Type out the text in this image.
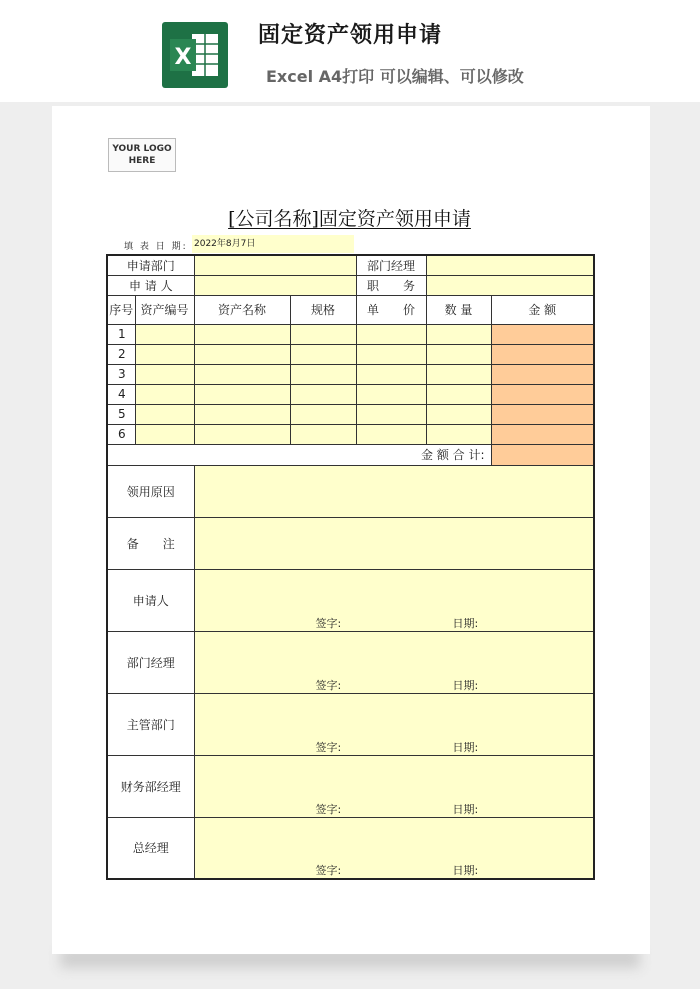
X
固定资产领用申请
Excel A4打印 可以编辑、可以修改
YOUR LOGO
HERE
[公司名称]固定资产领用申请
填 表 日 期: 2022年8月7日
申请部门				部门经理		
申 请 人				职　　务		
序号	资产编号	资产名称	规格	单　　价	数 量	金 额
1						
2						
3						
4						
5						
6						
金 额 合 计:						
领用原因						
备　　注						
申请人		签字: 日期:				

部门经理		签字: 日期:				

主管部门		签字: 日期:				

财务部经理		签字: 日期:				

总经理		签字: 日期:				
